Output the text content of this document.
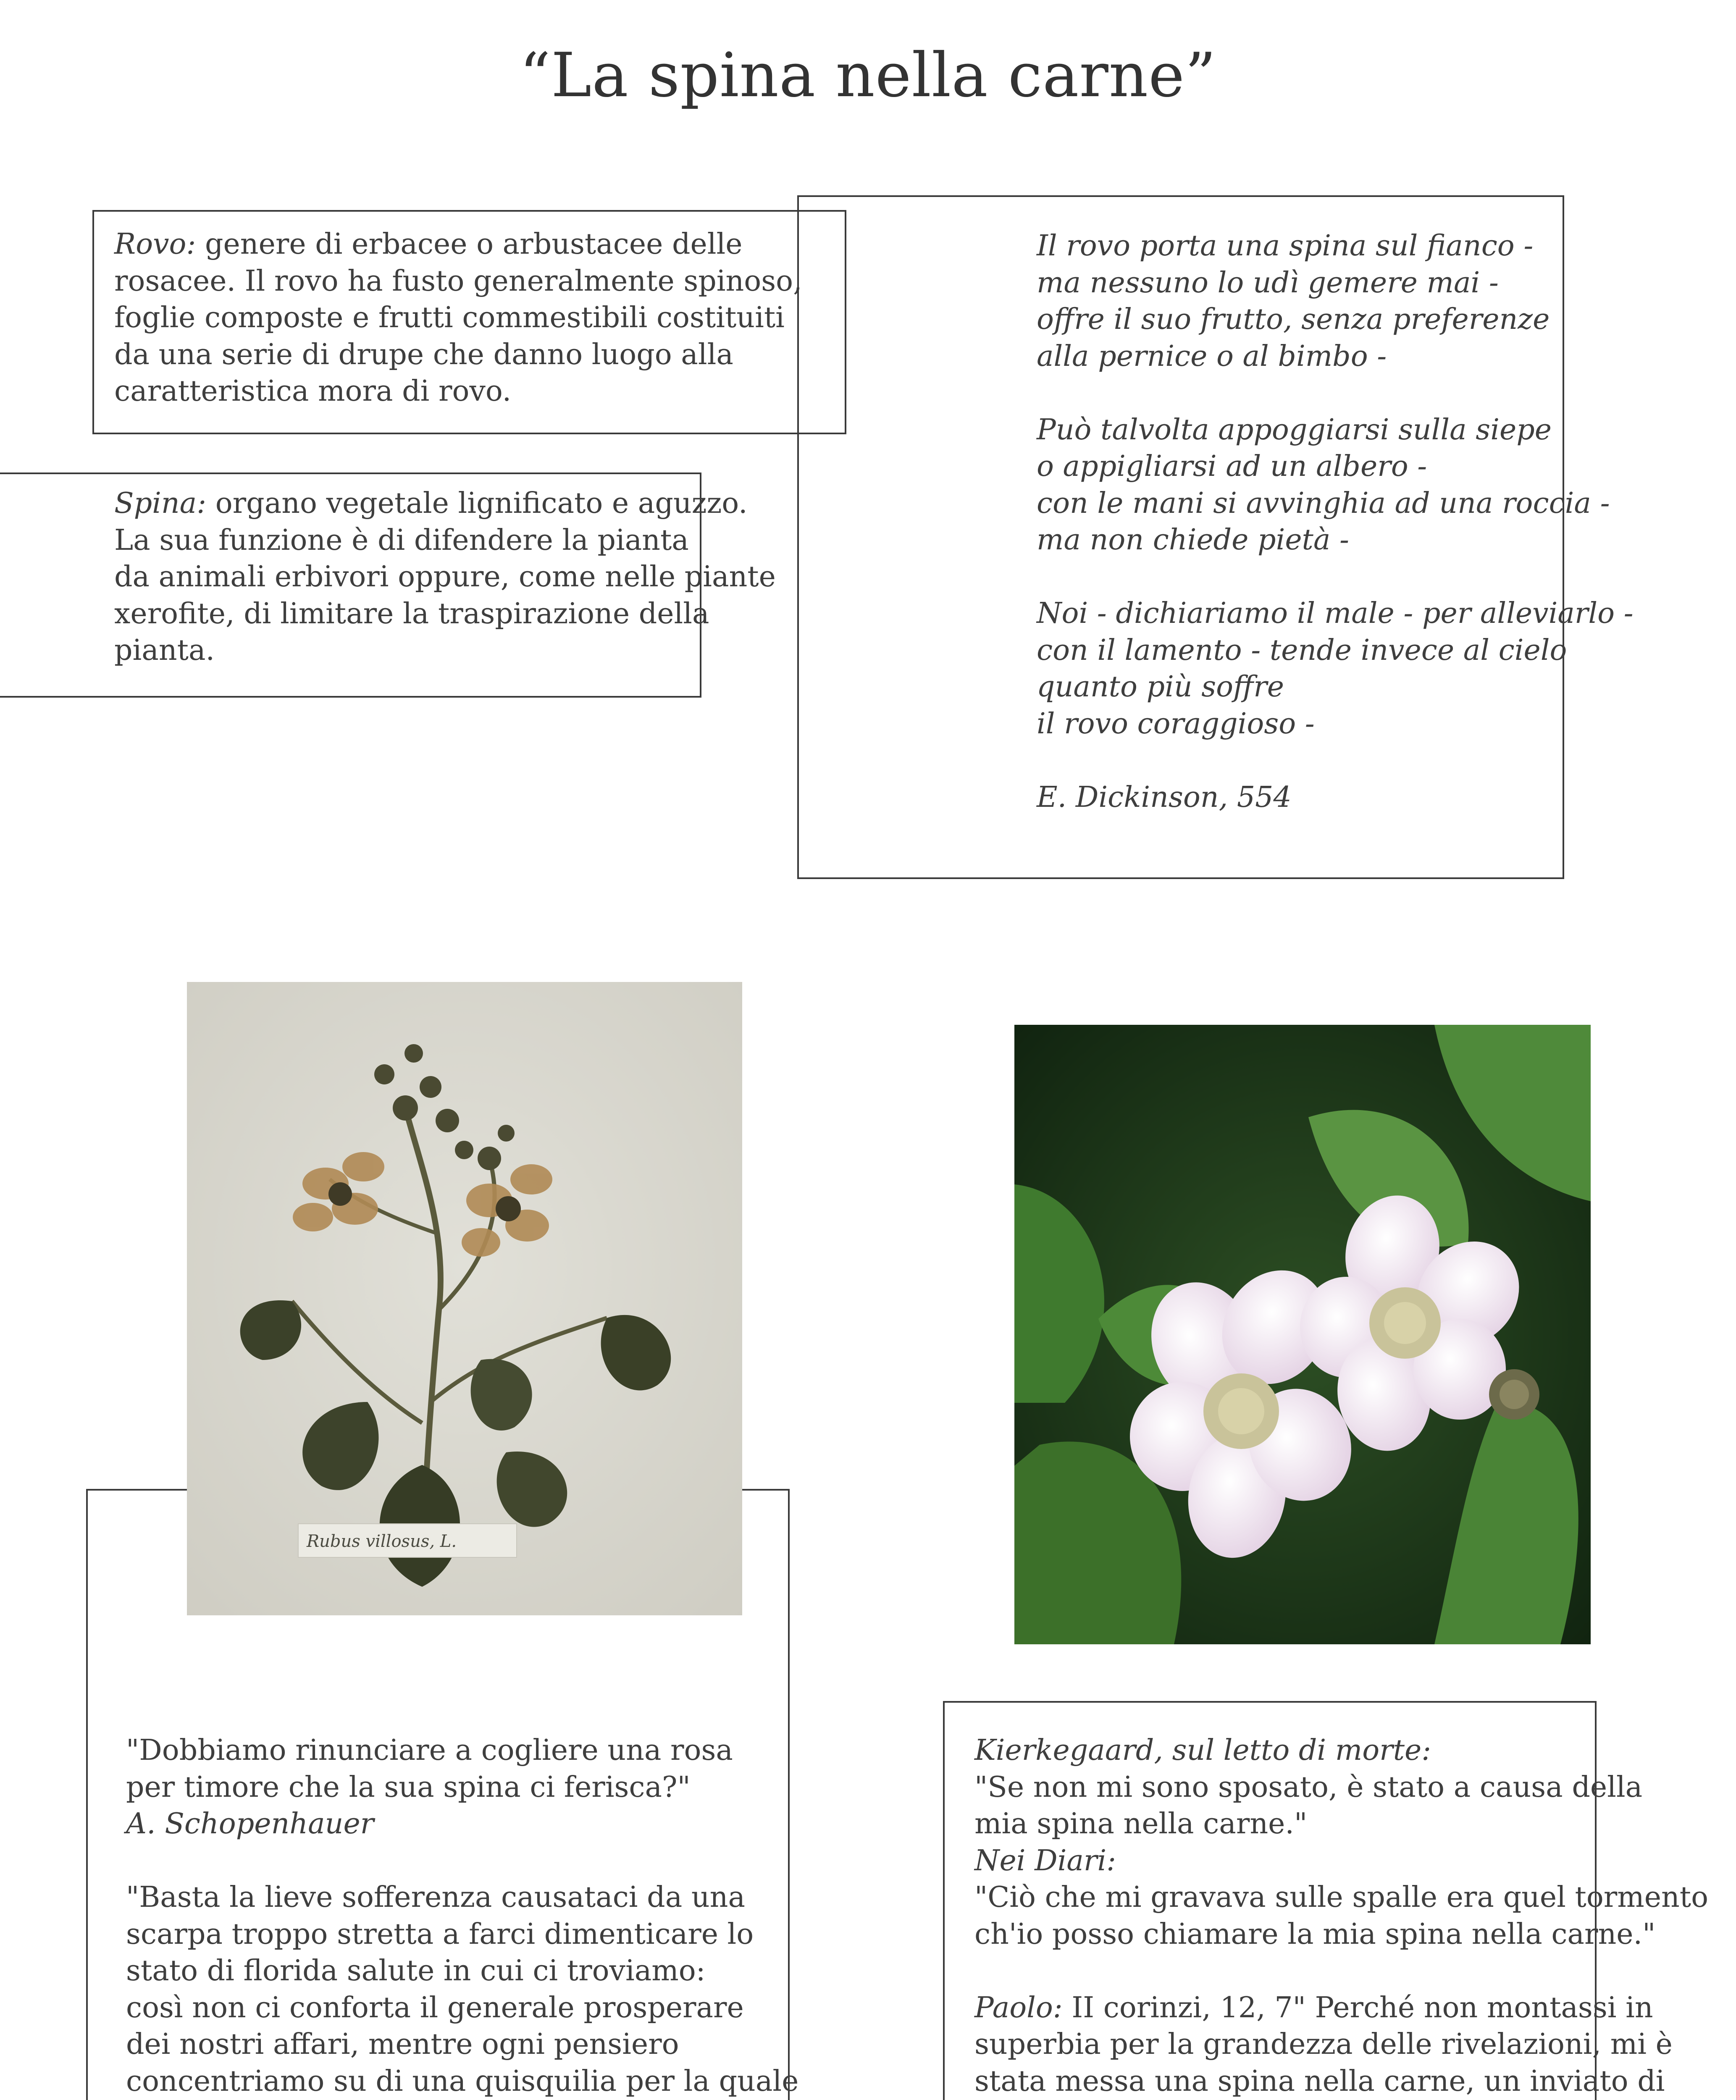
“La spina nella carne”
Rovo: genere di erbacee o arbustacee delle
rosacee. Il rovo ha fusto generalmente spinoso,
foglie composte e frutti commestibili costituiti
da una serie di drupe che danno luogo alla
caratteristica mora di rovo.
Spina: organo vegetale lignificato e aguzzo.
La sua funzione è di difendere la pianta
da animali erbivori oppure, come nelle piante
xerofite, di limitare la traspirazione della
pianta.
Il rovo porta una spina sul fianco -
ma nessuno lo udì gemere mai -
offre il suo frutto, senza preferenze
alla pernice o al bimbo -

Può talvolta appoggiarsi sulla siepe
o appigliarsi ad un albero -
con le mani si avvinghia ad una roccia -
ma non chiede pietà -

Noi - dichiariamo il male - per alleviarlo -
con il lamento - tende invece al cielo
quanto più soffre
il rovo coraggioso -

E. Dickinson, 554
Rubus villosus, L.
"Dobbiamo rinunciare a cogliere una rosa
per timore che la sua spina ci ferisca?"
A. Schopenhauer

"Basta la lieve sofferenza causataci da una
scarpa troppo stretta a farci dimenticare lo
stato di florida salute in cui ci troviamo:
così non ci conforta il generale prosperare
dei nostri affari, mentre ogni pensiero
concentriamo su di una quisquilia per la quale

Kierkegaard, sul letto di morte:
"Se non mi sono sposato, è stato a causa della
mia spina nella carne."
Nei Diari:
"Ciò che mi gravava sulle spalle era quel tormento
ch'io posso chiamare la mia spina nella carne."

Paolo: II corinzi, 12, 7" Perché non montassi in
superbia per la grandezza delle rivelazioni, mi è
stata messa una spina nella carne, un inviato di
